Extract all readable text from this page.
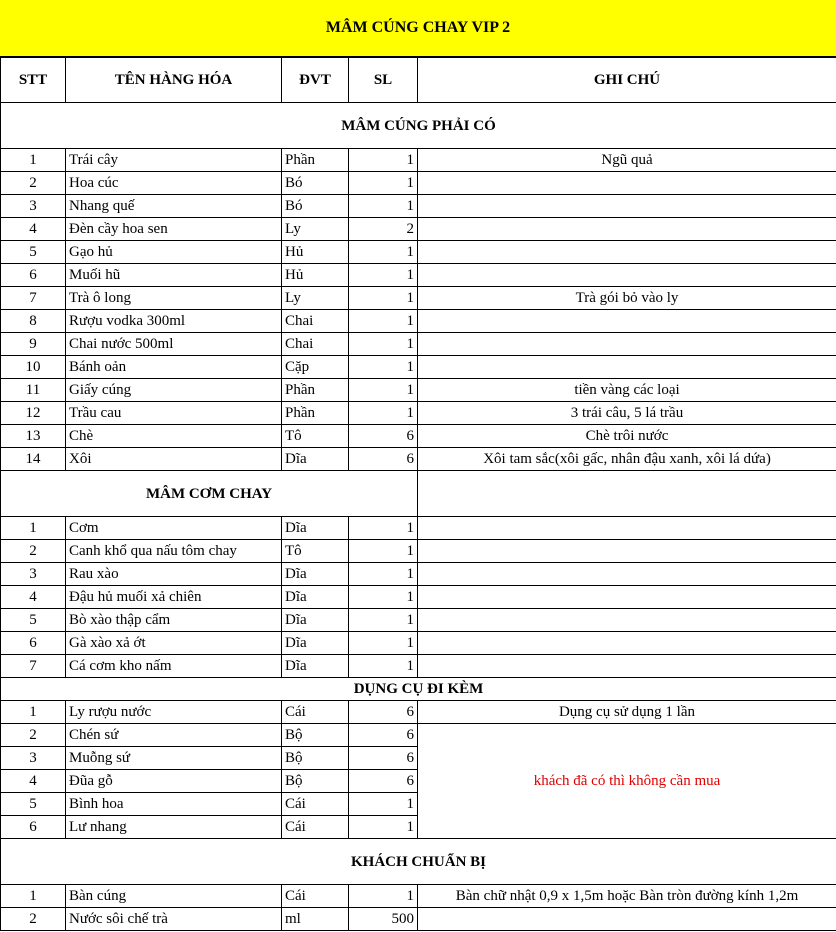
MÂM CÚNG CHAY VIP 2
STT	TÊN HÀNG HÓA	ĐVT	SL	GHI CHÚ
MÂM CÚNG PHẢI CÓ				
1	Trái cây	Phần	1	Ngũ quả
2	Hoa cúc	Bó	1	
3	Nhang quế	Bó	1	
4	Đèn cầy hoa sen	Ly	2	
5	Gạo hủ	Hủ	1	
6	Muối hũ	Hủ	1	
7	Trà ô long	Ly	1	Trà gói bỏ vào ly
8	Rượu vodka 300ml	Chai	1	
9	Chai nước 500ml	Chai	1	
10	Bánh oản	Cặp	1	
11	Giấy cúng	Phần	1	tiền vàng các loại
12	Trầu cau	Phần	1	3 trái câu, 5 lá trầu
13	Chè	Tô	6	Chè trôi nước
14	Xôi	Dĩa	6	Xôi tam sắc(xôi gấc, nhân đậu xanh, xôi lá dứa)
MÂM CƠM CHAY				
1	Cơm	Dĩa	1	
2	Canh khổ qua nấu tôm chay	Tô	1	
3	Rau xào	Dĩa	1	
4	Đậu hủ muối xả chiên	Dĩa	1	
5	Bò xào thập cẩm	Dĩa	1	
6	Gà xào xả ớt	Dĩa	1	
7	Cá cơm kho nấm	Dĩa	1	
DỤNG CỤ ĐI KÈM				
1	Ly rượu nước	Cái	6	Dụng cụ sử dụng 1 lần
2	Chén sứ	Bộ	6	khách đã có thì không cần mua
3	Muỗng sứ	Bộ	6	
4	Đũa gỗ	Bộ	6	
5	Bình hoa	Cái	1	
6	Lư nhang	Cái	1	
KHÁCH CHUẨN BỊ				
1	Bàn cúng	Cái	1	Bàn chữ nhật 0,9 x 1,5m hoặc Bàn tròn đường kính 1,2m
2	Nước sôi chế trà	ml	500	
